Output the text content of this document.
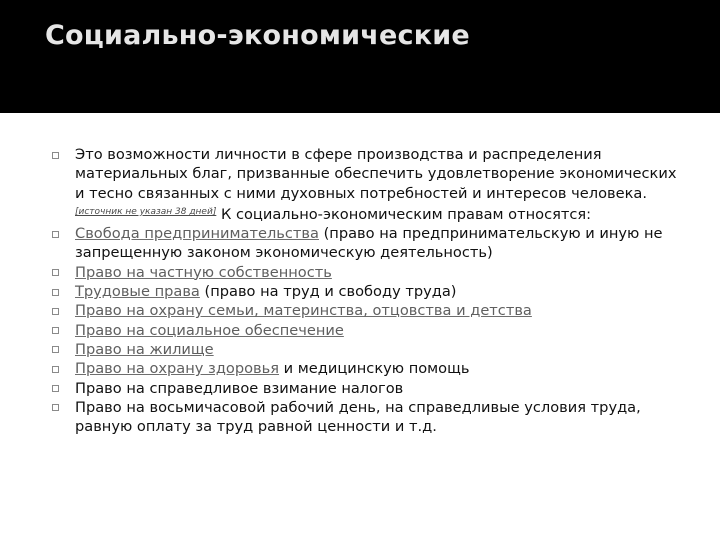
Социально-экономические
Это возможности личности в сфере производства и распределения материальных благ, призванные обеспечить удовлетворение экономических и тесно связанных с ними духовных потребностей и интересов человека.[источник не указан 38 дней] К социально-экономическим правам относятся:
Свобода предпринимательства (право на предпринимательскую и иную не запрещенную законом экономическую деятельность)
Право на частную собственность
Трудовые права (право на труд и свободу труда)
Право на охрану семьи, материнства, отцовства и детства
Право на социальное обеспечение
Право на жилище
Право на охрану здоровья и медицинскую помощь
Право на справедливое взимание налогов
Право на восьмичасовой рабочий день, на справедливые условия труда, равную оплату за труд равной ценности и т.д.
